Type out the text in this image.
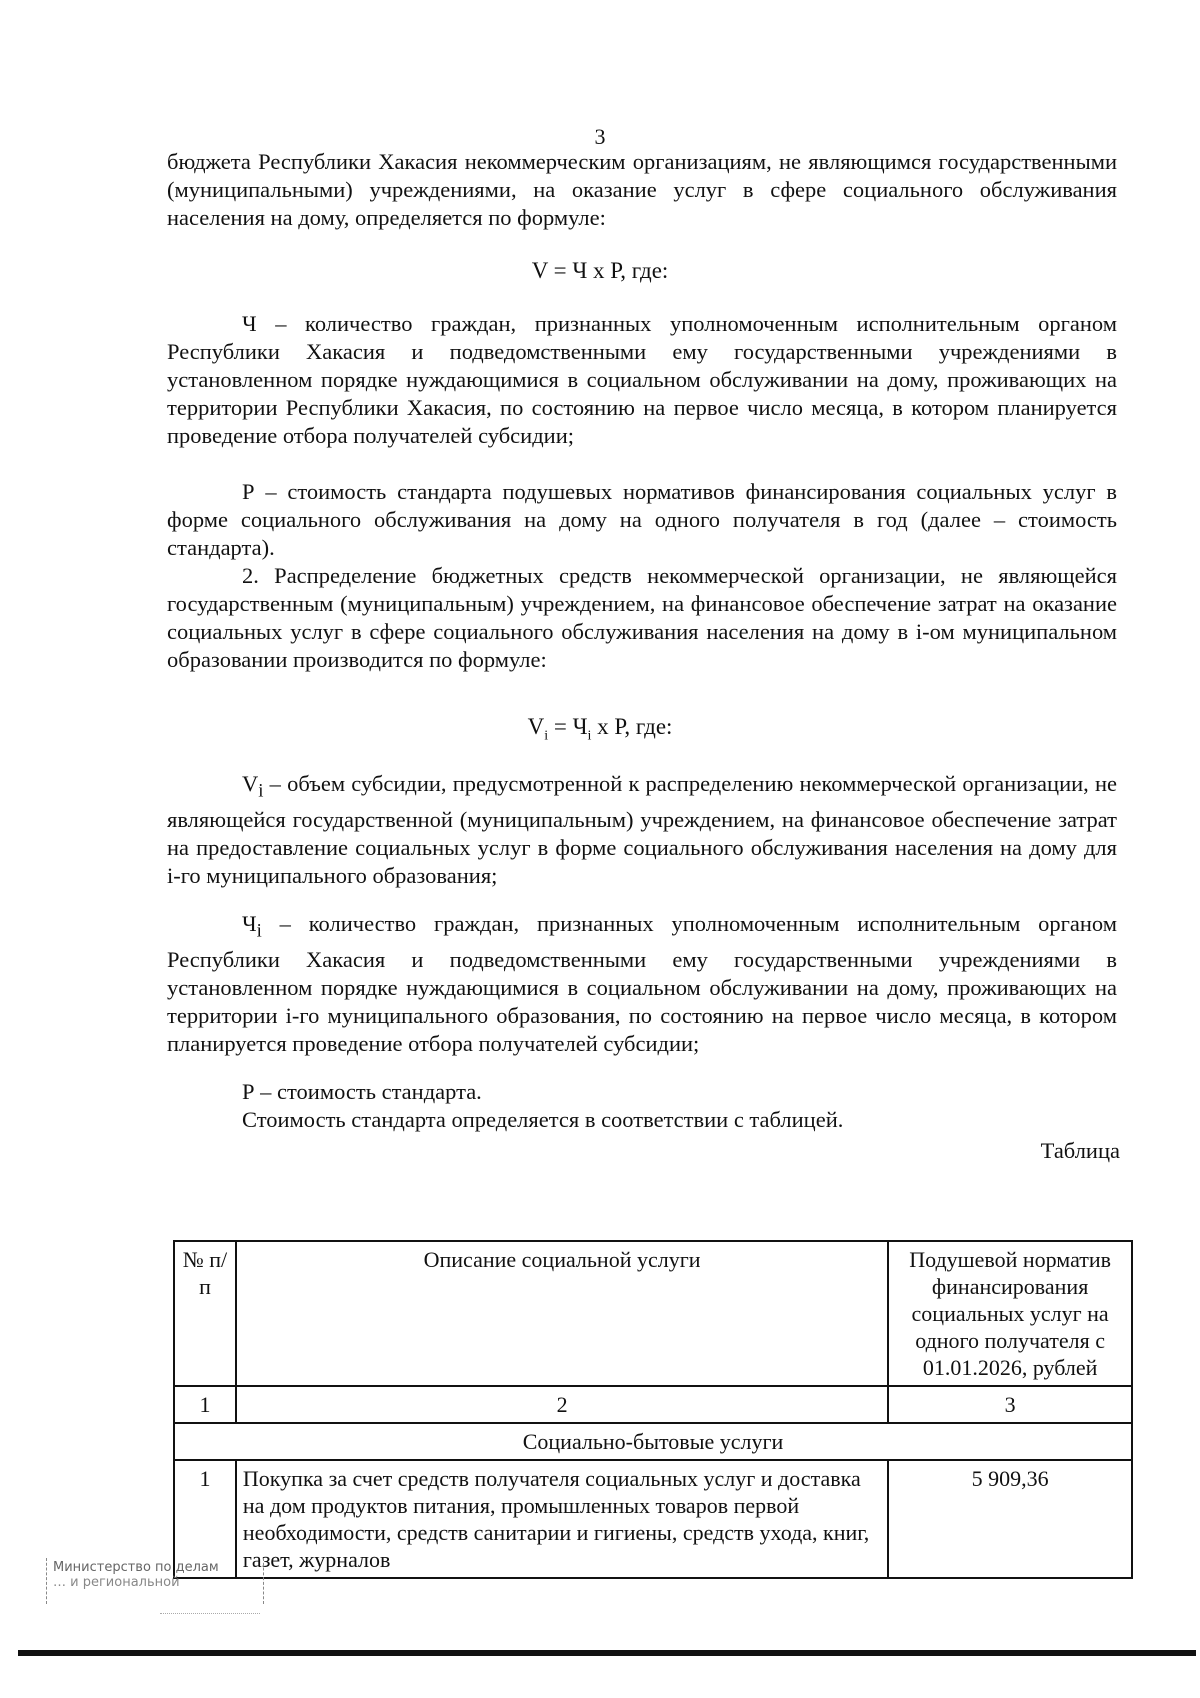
3

бюджета Республики Хакасия некоммерческим организациям, не являющимся государственными (муниципальными) учреждениями, на оказание услуг в сфере социального обслуживания населения на дому, определяется по формуле:

V = Ч х Р, где:

Ч – количество граждан, признанных уполномоченным исполнительным органом Республики Хакасия и подведомственными ему государственными учреждениями в установленном порядке нуждающимися в социальном обслуживании на дому, проживающих на территории Республики Хакасия, по состоянию на первое число месяца, в котором планируется проведение отбора получателей субсидии;

Р – стоимость стандарта подушевых нормативов финансирования социальных услуг в форме социального обслуживания на дому на одного получателя в год (далее – стоимость стандарта).

2. Распределение бюджетных средств некоммерческой организации, не являющейся государственным (муниципальным) учреждением, на финансовое обеспечение затрат на оказание социальных услуг в сфере социального обслуживания населения на дому в i-ом муниципальном образовании производится по формуле:

$V_i = Ч_i$ х Р, где:

$V_i$ – объем субсидии, предусмотренной к распределению некоммерческой организации, не являющейся государственной (муниципальным) учреждением, на финансовое обеспечение затрат на предоставление социальных услуг в форме социального обслуживания населения на дому для i-го муниципального образования;

$Ч_i$ – количество граждан, признанных уполномоченным исполнительным органом Республики Хакасия и подведомственными ему государственными учреждениями в установленном порядке нуждающимися в социальном обслуживании на дому, проживающих на территории i-го муниципального образования, по состоянию на первое число месяца, в котором планируется проведение отбора получателей субсидии;

Р – стоимость стандарта.

Стоимость стандарта определяется в соответствии с таблицей.

Таблица
№ п/п	Описание социальной услуги	Подушевой норматив финансирования социальных услуг на одного получателя с 01.01.2026, рублей
1	2	3
Социально-бытовые услуги		
1	Покупка за счет средств получателя социальных услуг и доставка на дом продуктов питания, промышленных товаров первой необходимости, средств санитарии и гигиены, средств ухода, книг, газет, журналов	5 909,36
Министерство по делам
… и региональной
